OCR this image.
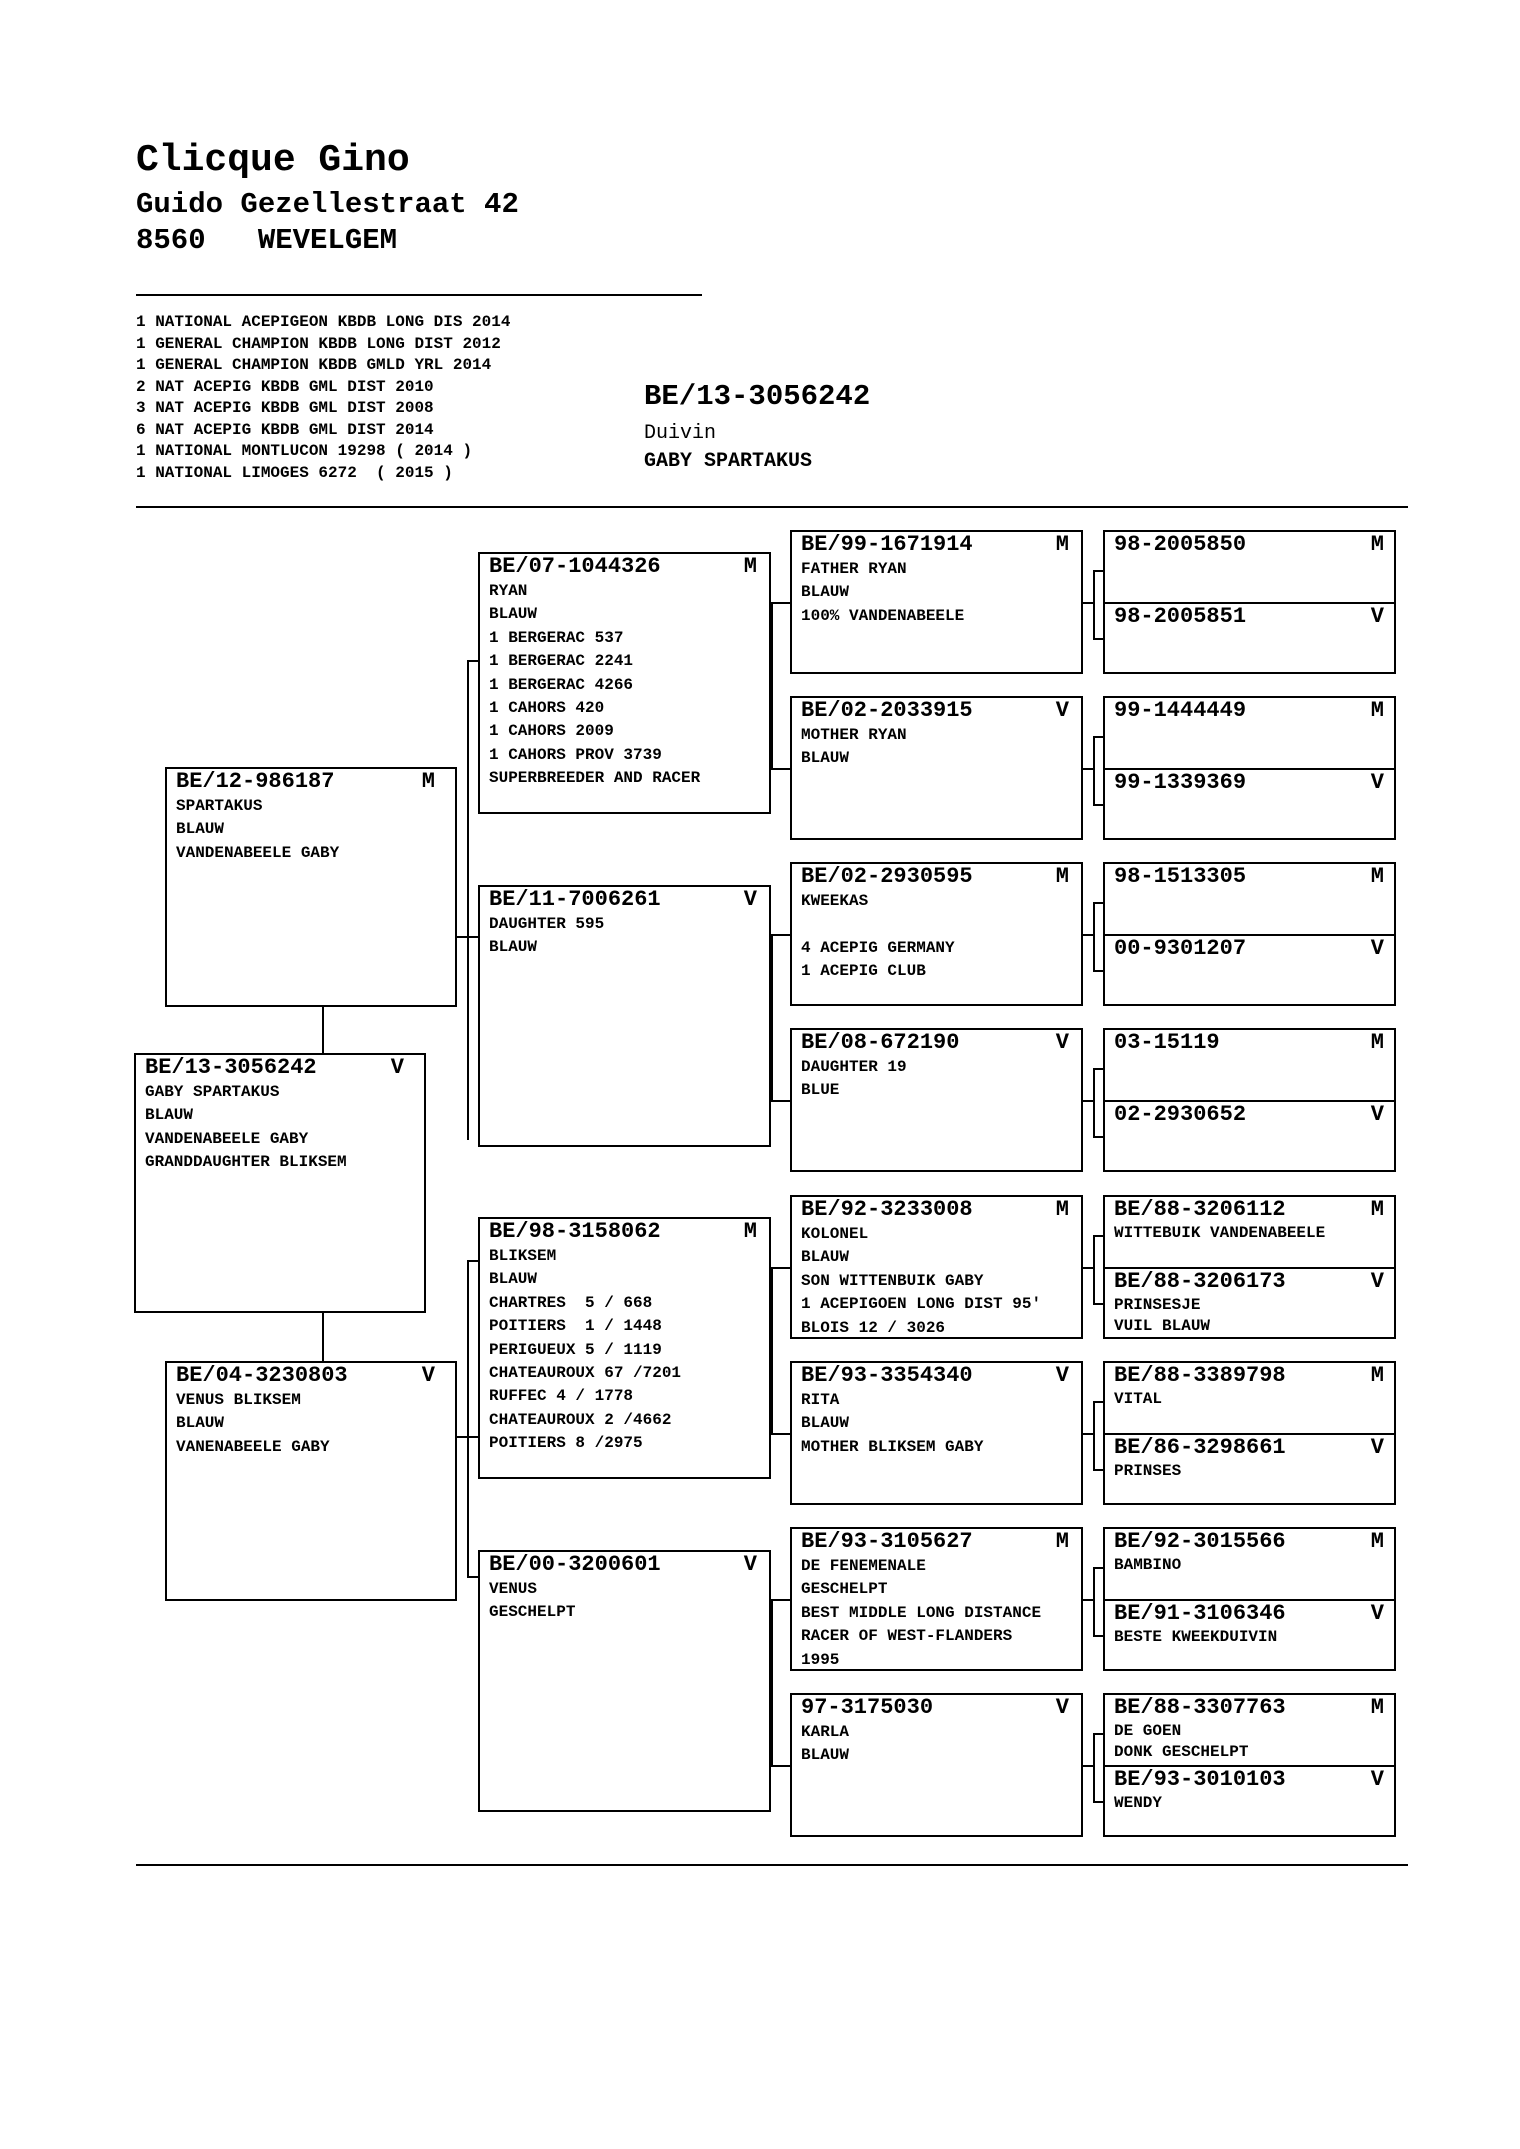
Clicque Gino
Guido Gezellestraat 42
8560   WEVELGEM
1 NATIONAL ACEPIGEON KBDB LONG DIS 2014
1 GENERAL CHAMPION KBDB LONG DIST 2012
1 GENERAL CHAMPION KBDB GMLD YRL 2014
2 NAT ACEPIG KBDB GML DIST 2010
3 NAT ACEPIG KBDB GML DIST 2008
6 NAT ACEPIG KBDB GML DIST 2014
1 NATIONAL MONTLUCON 19298 ( 2014 )
1 NATIONAL LIMOGES 6272  ( 2015 )
BE/13-3056242
Duivin
GABY SPARTAKUS
BE/13-3056242	V
GABY SPARTAKUS
BLAUW
VANDENABEELE GABY
GRANDDAUGHTER BLIKSEM
BE/12-986187	M
SPARTAKUS
BLAUW
VANDENABEELE GABY
BE/04-3230803	V
VENUS BLIKSEM
BLAUW
VANENABEELE GABY
BE/07-1044326	M
RYAN
BLAUW
1 BERGERAC 537
1 BERGERAC 2241
1 BERGERAC 4266
1 CAHORS 420
1 CAHORS 2009
1 CAHORS PROV 3739
SUPERBREEDER AND RACER
BE/11-7006261	V
DAUGHTER 595
BLAUW
BE/98-3158062	M
BLIKSEM
BLAUW
CHARTRES  5 / 668
POITIERS  1 / 1448
PERIGUEUX 5 / 1119
CHATEAUROUX 67 /7201
RUFFEC 4 / 1778
CHATEAUROUX 2 /4662
POITIERS 8 /2975
BE/00-3200601	V
VENUS
GESCHELPT
BE/99-1671914	M
FATHER RYAN
BLAUW
100% VANDENABEELE
BE/02-2033915	V
MOTHER RYAN
BLAUW
BE/02-2930595	M
KWEEKAS
4 ACEPIG GERMANY
1 ACEPIG CLUB
BE/08-672190	V
DAUGHTER 19
BLUE
BE/92-3233008	M
KOLONEL
BLAUW
SON WITTENBUIK GABY
1 ACEPIGOEN LONG DIST 95'
BLOIS 12 / 3026
BE/93-3354340	V
RITA
BLAUW
MOTHER BLIKSEM GABY
BE/93-3105627	M
DE FENEMENALE
GESCHELPT
BEST MIDDLE LONG DISTANCE
RACER OF WEST-FLANDERS
1995
97-3175030	V
KARLA
BLAUW
98-2005850	M
98-2005851	V
99-1444449	M
99-1339369	V
98-1513305	M
00-9301207	V
03-15119	M
02-2930652	V
BE/88-3206112	M
WITTEBUIK VANDENABEELE
BE/88-3206173	V
PRINSESJE
VUIL BLAUW
BE/88-3389798	M
VITAL
BE/86-3298661	V
PRINSES
BE/92-3015566	M
BAMBINO
BE/91-3106346	V
BESTE KWEEKDUIVIN
BE/88-3307763	M
DE GOEN
DONK GESCHELPT
BE/93-3010103	V
WENDY
